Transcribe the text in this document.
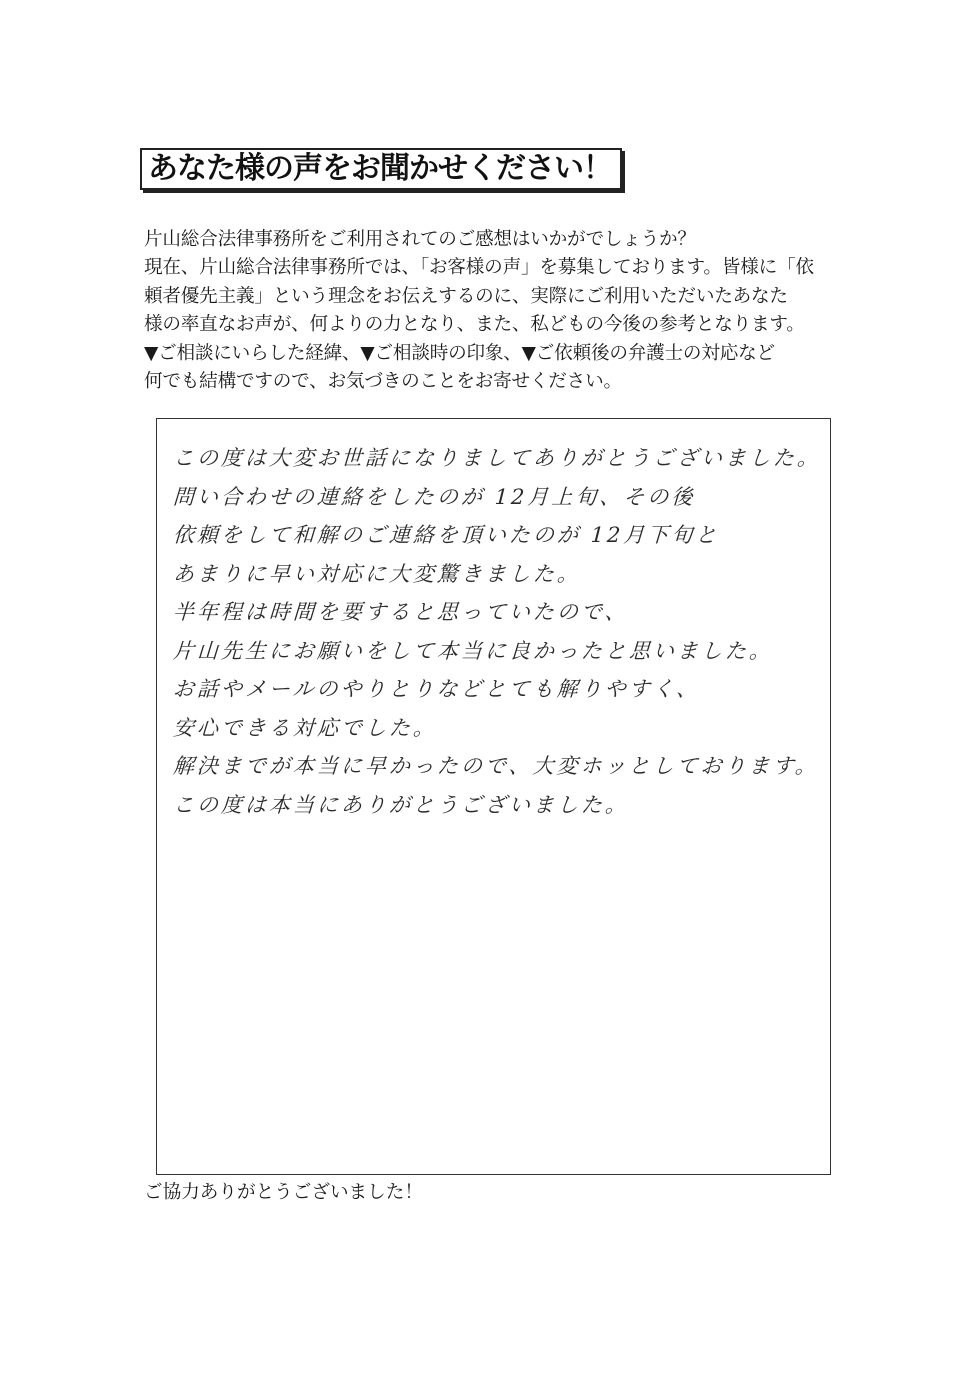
あなた様の声をお聞かせください！
片山総合法律事務所をご利用されてのご感想はいかがでしょうか？
現在、片山総合法律事務所では、「お客様の声」を募集しております。皆様に「依
頼者優先主義」という理念をお伝えするのに、実際にご利用いただいたあなた
様の率直なお声が、何よりの力となり、また、私どもの今後の参考となります。
▼ご相談にいらした経緯、▼ご相談時の印象、▼ご依頼後の弁護士の対応など
何でも結構ですので、お気づきのことをお寄せください。
この度は大変お世話になりましてありがとうございました。
問い合わせの連絡をしたのが 12月上旬、その後
依頼をして和解のご連絡を頂いたのが 12月下旬と
あまりに早い対応に大変驚きました。
半年程は時間を要すると思っていたので、
片山先生にお願いをして本当に良かったと思いました。
お話やメールのやりとりなどとても解りやすく、
安心できる対応でした。
解決までが本当に早かったので、大変ホッとしております。
この度は本当にありがとうございました。
ご協力ありがとうございました！
